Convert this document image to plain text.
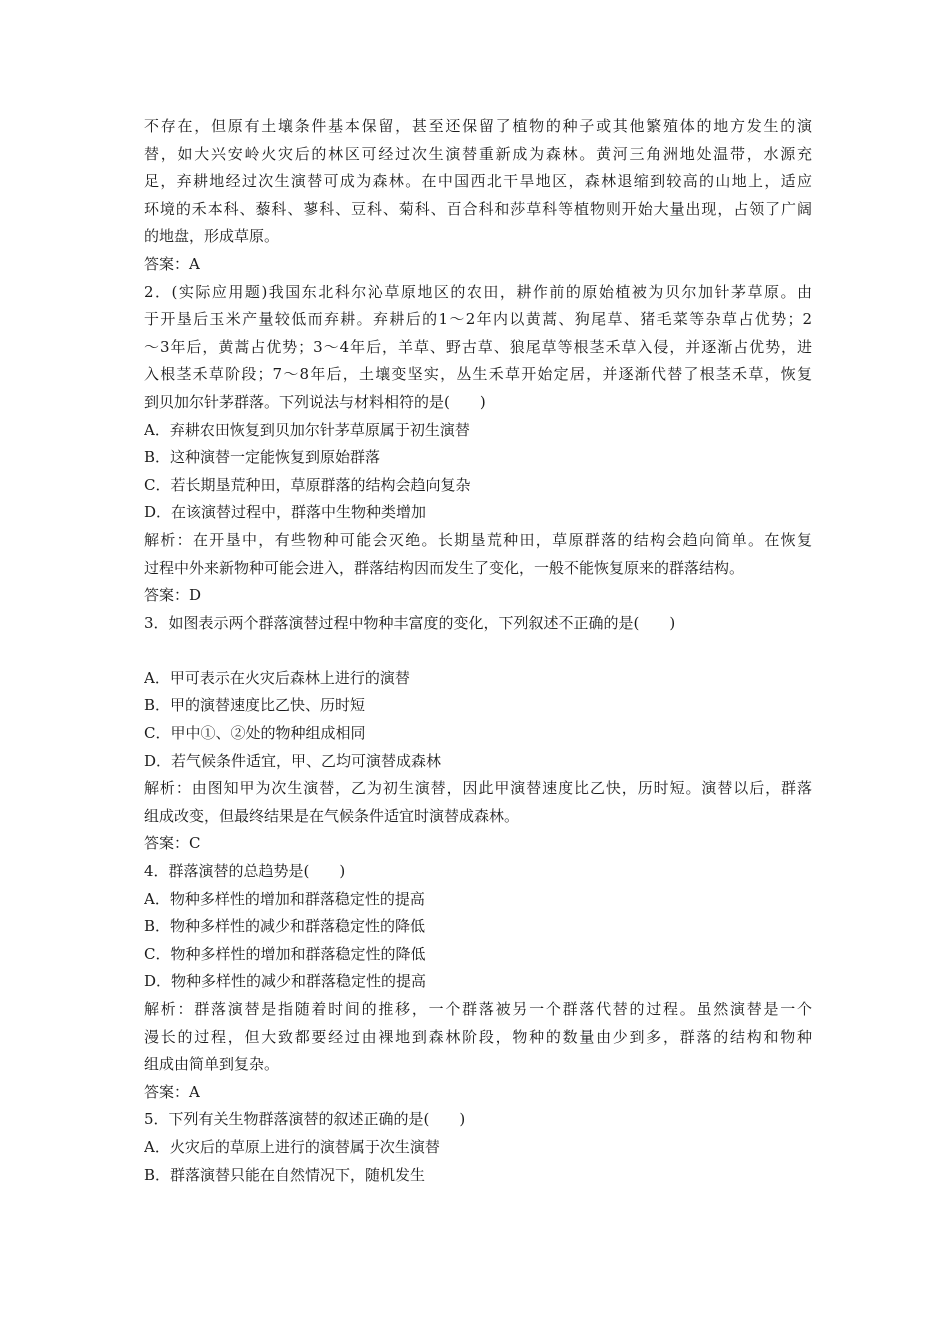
不存在，但原有土壤条件基本保留，甚至还保留了植物的种子或其他繁殖体的地方发生的演
替，如大兴安岭火灾后的林区可经过次生演替重新成为森林。黄河三角洲地处温带，水源充
足，弃耕地经过次生演替可成为森林。在中国西北干旱地区，森林退缩到较高的山地上，适应
环境的禾本科、藜科、蓼科、豆科、菊科、百合科和莎草科等植物则开始大量出现，占领了广阔
的地盘，形成草原。
答案：A
2．(实际应用题)我国东北科尔沁草原地区的农田，耕作前的原始植被为贝尔加针茅草原。由
于开垦后玉米产量较低而弃耕。弃耕后的1～2年内以黄蒿、狗尾草、猪毛菜等杂草占优势；2
～3年后，黄蒿占优势；3～4年后，羊草、野古草、狼尾草等根茎禾草入侵，并逐渐占优势，进
入根茎禾草阶段；7～8年后，土壤变坚实，丛生禾草开始定居，并逐渐代替了根茎禾草，恢复
到贝加尔针茅群落。下列说法与材料相符的是(　　)
A．弃耕农田恢复到贝加尔针茅草原属于初生演替
B．这种演替一定能恢复到原始群落
C．若长期垦荒种田，草原群落的结构会趋向复杂
D．在该演替过程中，群落中生物种类增加
解析：在开垦中，有些物种可能会灭绝。长期垦荒种田，草原群落的结构会趋向简单。在恢复
过程中外来新物种可能会进入，群落结构因而发生了变化，一般不能恢复原来的群落结构。
答案：D
3．如图表示两个群落演替过程中物种丰富度的变化，下列叙述不正确的是(　　)
A．甲可表示在火灾后森林上进行的演替
B．甲的演替速度比乙快、历时短
C．甲中①、②处的物种组成相同
D．若气候条件适宜，甲、乙均可演替成森林
解析：由图知甲为次生演替，乙为初生演替，因此甲演替速度比乙快，历时短。演替以后，群落
组成改变，但最终结果是在气候条件适宜时演替成森林。
答案：C
4．群落演替的总趋势是(　　)
A．物种多样性的增加和群落稳定性的提高
B．物种多样性的减少和群落稳定性的降低
C．物种多样性的增加和群落稳定性的降低
D．物种多样性的减少和群落稳定性的提高
解析：群落演替是指随着时间的推移，一个群落被另一个群落代替的过程。虽然演替是一个
漫长的过程，但大致都要经过由裸地到森林阶段，物种的数量由少到多，群落的结构和物种
组成由简单到复杂。
答案：A
5．下列有关生物群落演替的叙述正确的是(　　)
A．火灾后的草原上进行的演替属于次生演替
B．群落演替只能在自然情况下，随机发生
